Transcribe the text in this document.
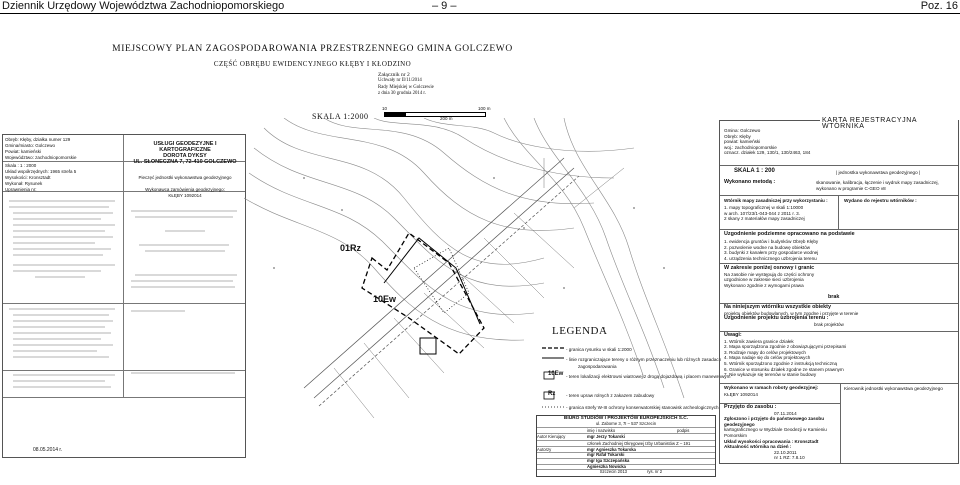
Dziennik Urzędowy Województwa Zachodniopomorskiego	– 9 –	Poz. 16
MIEJSCOWY PLAN ZAGOSPODAROWANIA PRZESTRZENNEGO GMINA GOLCZEWO
CZĘŚĆ OBRĘBU EWIDENCYJNEGO KŁĘBY I KŁODZINO
Załącznik nr 2
Uchwały nr II/11/2014
Rady Miejskiej w Golczewie
z dnia 30 grudnia 2014 r.
SKALA 1:2000
10
200 m
100 m
Obręb: Kłęby, działka numer 129
Gmina/miasto: Golczewo
Powiat: kamieński
Województwo: zachodniopomorskie
Skala : 1 : 2000
Układ współrzędnych: 1965 strefa 5
Wysokości: Kronsztadt
Wykonał: Rysunek
Uprawnienia nr:
USŁUGI GEODEZYJNE I KARTOGRAFICZNE
DOROTA DYKSY
UL. SŁONECZNA 7, 72-410 GOLCZEWO
Pieczęć jednostki wykonawstwa geodezyjnego
Wykonawca zamówienia geodezyjnego:
KŁĘBY 1092014
08.05.2014 r.
01Rz
10Ew
LEGENDA
- granica rysunku w skali 1:2000
- linie rozgraniczające tereny o różnym przeznaczeniu lub różnych zasadach
zagospodarowania
- teren lokalizacji elektrowni wiatrowej z drogą dojazdową i placem manewrowym
- teren upraw rolnych z zakazem zabudowy
- granica strefy W-III ochrony konserwatorskiej stanowisk archeologicznych
10Ew
Rz
BIURO STUDIÓW I PROJEKTÓW EUROPEJSKICH S.C.
ul. Zaborne 3, 7I – 537 Szczecin
imię i nazwisko	podpis
Autor Kierujący	mgr Jerzy Tokarski
członek Zachodniej Okręgowej Izby Urbanistów Z – 191
Autorzy	mgr Agnieszka Tokarska
mgr Rafał Tokarski
mgr Iga Szczepańska
Agnieszka Nowicka
Szczecin 2013	rys. nr 2
KARTA REJESTRACYJNA WTÓRNIKA
Gmina: Golczewo
Obręb: Kłęby
powiat: kamieński
woj.: zachodniopomorskie
oznacz. działek 129, 130/1, 130/2463, 184
SKALA 1 : 200	| jednostka wykonawstwa geodezyjnego |
Wykonano metodą :	skanowanie, kalibracja, łączenie i wydruk mapy zasadniczej, wykonano w programie C-GEO v8
Wtórnik mapy zasadniczej przy wykorzystaniu :
1. mapy topograficznej w skali 1:10000
w arch. 107/23/1-043-044 z 2011 r. 3.
2 skany z materiałów mapy zasadniczej
Wydano do rejestru wtórników :
Uzgodnienie podziemne opracowano na podstawie
1. ewidencja gruntów i budynków Obręb Kłęby
2. pozwolenie wodne na budowę obiektów
3. budynki z kanałem przy gospodarce wodnej
4. urządzenia technicznego uzbrojenia terenu
W zakresie poniżej osnowy i granic
Na zasobie nie występują do części ochrony
uzgodnione w zakresie sieci uzbrojenia
Wykonano zgodnie z wymogami prawa
brak
Na niniejszym wtórniku wszystkie obiekty
projektu obiektów budowlanych, w tym zgodne i przyjęte w terenie
Uzgodnienie projektu uzbrojenia terenu :
brak projektów
Uwagi:
1. Wtórnik zawiera granice działek
2. Mapa sporządzona zgodnie z obowiązującymi przepisami
3. Rodzaje mapy do celów projektowych
4. Mapa nadaje się do celów projektowych
5. Wtórnik sporządzono zgodnie z instrukcją techniczną
6. Granice w stosunku działek zgodne ze stanem prawnym
7. Nie wykazuje się terenów w stanie budowy
Wykonano w ramach roboty geodezyjnej:
KŁĘBY 1092014
Kierownik jednostki wykonawstwa geodezyjnego
Przyjęto do zasobu :
07.11.2014
Zgłoszono i przyjęto do państwowego zasobu geodezyjnego
kartograficznego w Wydziale Geodezji w Kamieniu Pomorskim
Układ wysokości opracowania : Kronsztadt
Aktualność wtórnika na dzień :
22.10.2011
nr 1 RZ: 7.8.10
